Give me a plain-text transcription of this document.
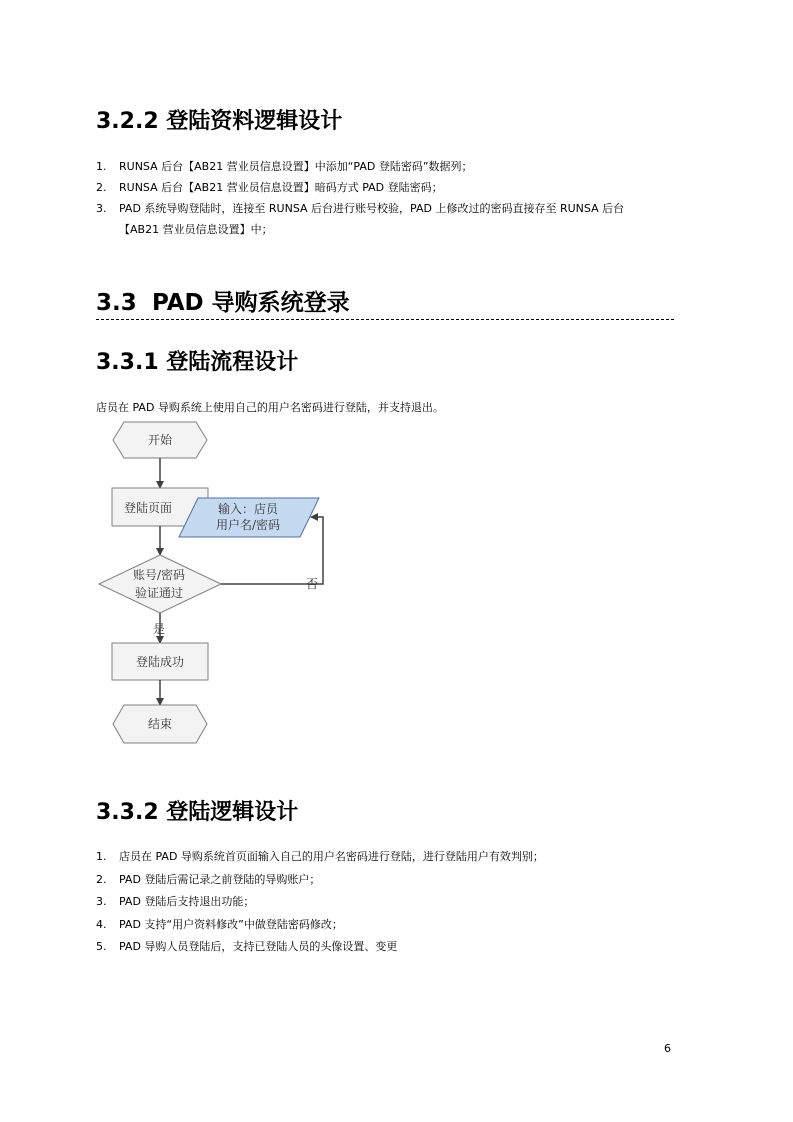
3.2.2 登陆资料逻辑设计
1. RUNSA 后台【AB21 营业员信息设置】中添加“PAD 登陆密码”数据列；
2. RUNSA 后台【AB21 营业员信息设置】暗码方式 PAD 登陆密码；
3. PAD 系统导购登陆时，连接至 RUNSA 后台进行账号校验，PAD 上修改过的密码直接存至 RUNSA 后台
【AB21 营业员信息设置】中；
3.3 PAD 导购系统登录
3.3.1 登陆流程设计
店员在 PAD 导购系统上使用自己的用户名密码进行登陆，并支持退出。
开始
登陆页面	输入：店员
用户名/密码
账号/密码
验证通过
否
是
登陆成功
结束
3.3.2 登陆逻辑设计
1. 店员在 PAD 导购系统首页面输入自己的用户名密码进行登陆，进行登陆用户有效判别；
2. PAD 登陆后需记录之前登陆的导购账户；
3. PAD 登陆后支持退出功能；
4. PAD 支持“用户资料修改”中做登陆密码修改；
5. PAD 导购人员登陆后，支持已登陆人员的头像设置、变更
6
